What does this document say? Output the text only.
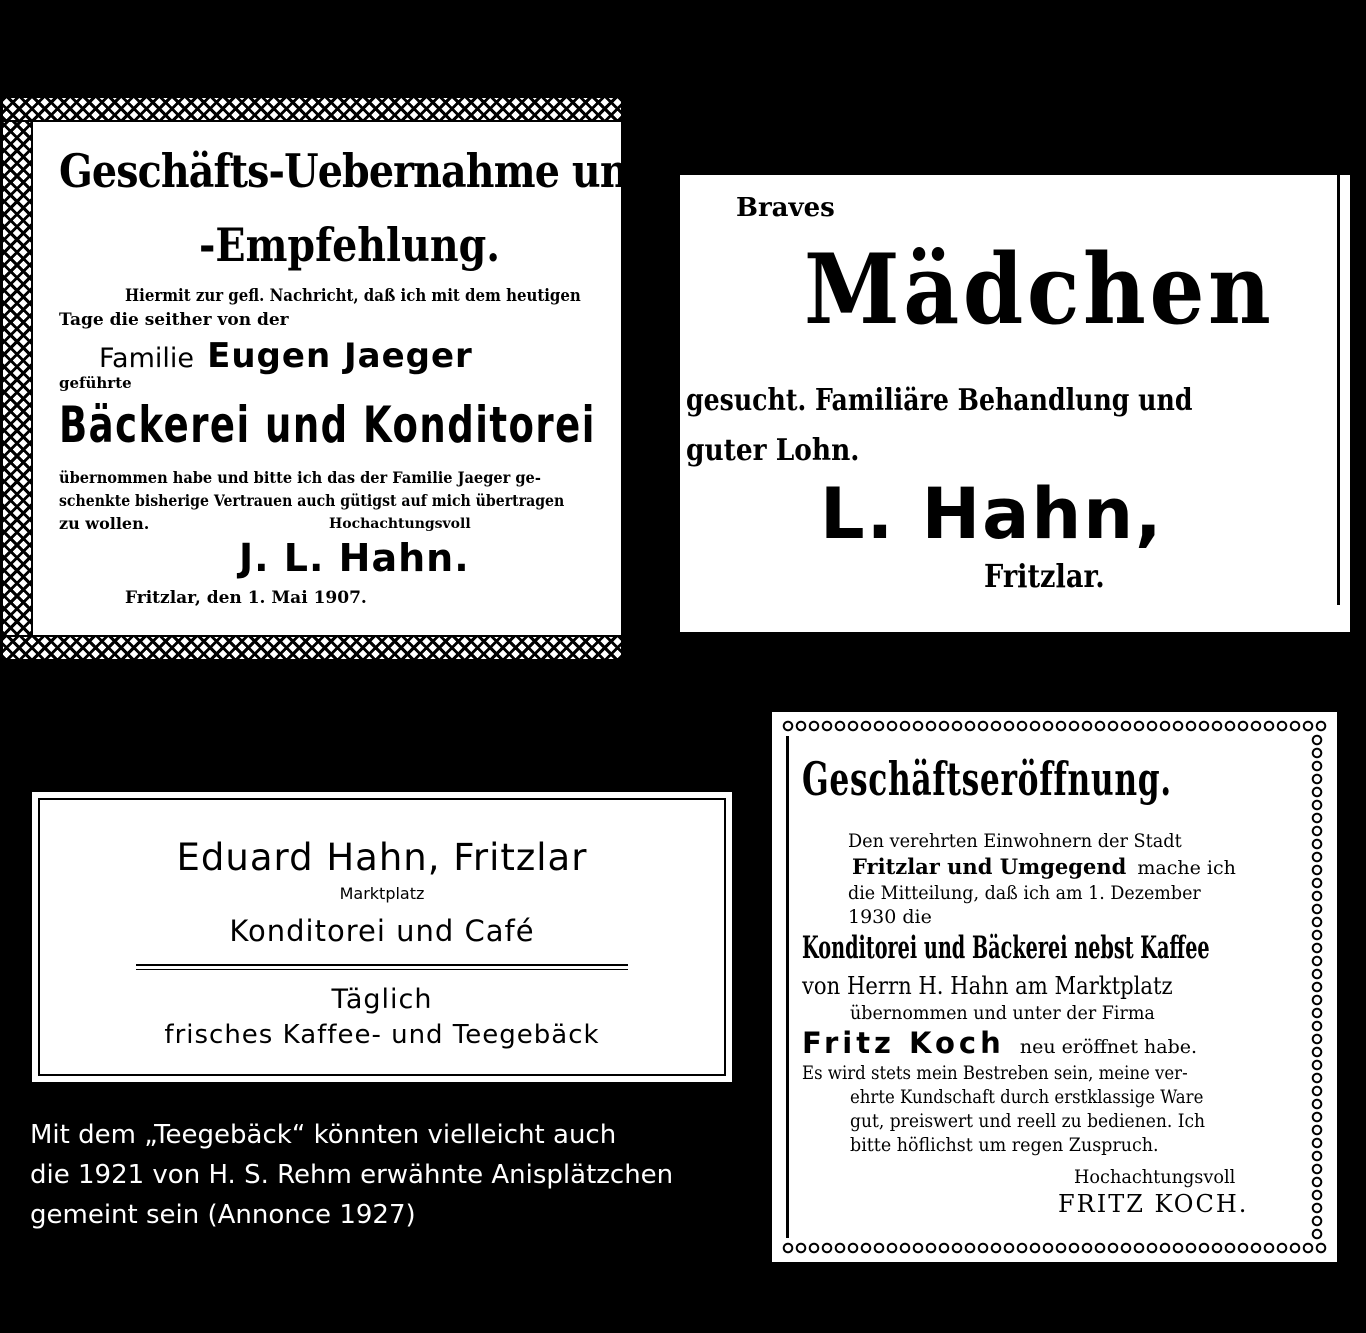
Geschäfts-Uebernahme und
-Empfehlung.
Hiermit zur gefl. Nachricht, daß ich mit dem heutigen
Tage die seither von der
Familie Eugen Jaeger
geführte
Bäckerei und Konditorei
übernommen habe und bitte ich das der Familie Jaeger ge-
schenkte bisherige Vertrauen auch gütigst auf mich übertragen
zu wollen.	Hochachtungsvoll
J. L. Hahn.
Fritzlar, den 1. Mai 1907.
Braves
Mädchen
gesucht. Familiäre Behandlung und
guter Lohn.
L. Hahn,
Fritzlar.
Eduard Hahn, Fritzlar
Marktplatz
Konditorei und Café
Täglich
frisches Kaffee- und Teegebäck
Geschäftseröffnung.
Den verehrten Einwohnern der Stadt
Fritzlar und Umgegend mache ich
die Mitteilung, daß ich am 1. Dezember
1930 die
Konditorei und Bäckerei nebst Kaffee
von Herrn H. Hahn am Marktplatz
übernommen und unter der Firma
Fritz Koch neu eröffnet habe.
Es wird stets mein Bestreben sein, meine ver-
ehrte Kundschaft durch erstklassige Ware
gut, preiswert und reell zu bedienen. Ich
bitte höflichst um regen Zuspruch.
Hochachtungsvoll
FRITZ KOCH.
Mit dem „Teegebäck“ könnten vielleicht auch
die 1921 von H. S. Rehm erwähnte Anisplätzchen
gemeint sein (Annonce 1927)
